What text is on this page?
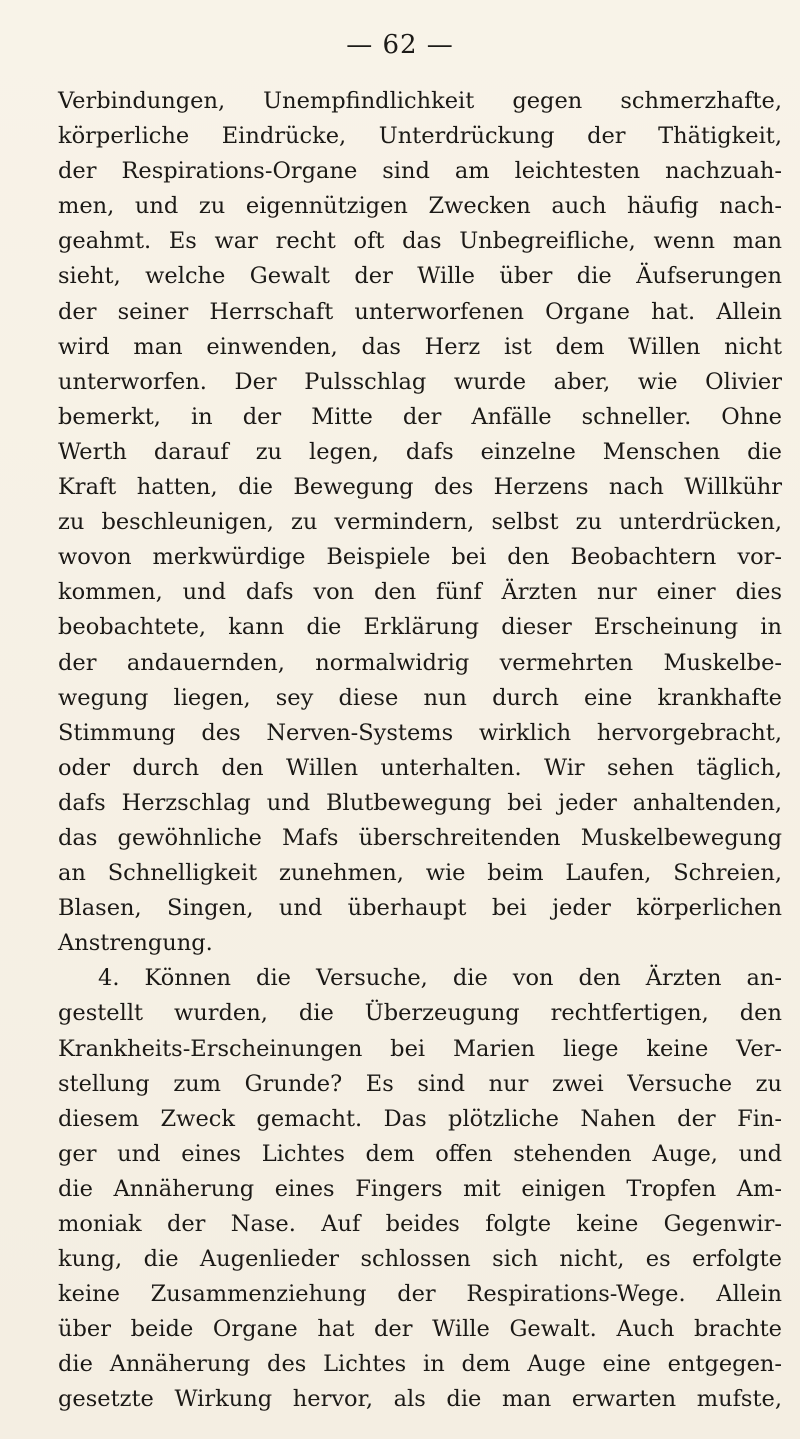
— 62 —
Verbindungen, Unempfindlichkeit gegen schmerzhafte,
körperliche Eindrücke, Unterdrückung der Thätigkeit,
der Respirations-Organe sind am leichtesten nachzuah-
men, und zu eigennützigen Zwecken auch häufig nach-
geahmt. Es war recht oft das Unbegreifliche, wenn man
sieht, welche Gewalt der Wille über die Äufserungen
der seiner Herrschaft unterworfenen Organe hat. Allein
wird man einwenden, das Herz ist dem Willen nicht
unterworfen. Der Pulsschlag wurde aber, wie Olivier
bemerkt, in der Mitte der Anfälle schneller. Ohne
Werth darauf zu legen, dafs einzelne Menschen die
Kraft hatten, die Bewegung des Herzens nach Willkühr
zu beschleunigen, zu vermindern, selbst zu unterdrücken,
wovon merkwürdige Beispiele bei den Beobachtern vor-
kommen, und dafs von den fünf Ärzten nur einer dies
beobachtete, kann die Erklärung dieser Erscheinung in
der andauernden, normalwidrig vermehrten Muskelbe-
wegung liegen, sey diese nun durch eine krankhafte
Stimmung des Nerven-Systems wirklich hervorgebracht,
oder durch den Willen unterhalten. Wir sehen täglich,
dafs Herzschlag und Blutbewegung bei jeder anhaltenden,
das gewöhnliche Mafs überschreitenden Muskelbewegung
an Schnelligkeit zunehmen, wie beim Laufen, Schreien,
Blasen, Singen, und überhaupt bei jeder körperlichen
Anstrengung.
4. Können die Versuche, die von den Ärzten an-
gestellt wurden, die Überzeugung rechtfertigen, den
Krankheits-Erscheinungen bei Marien liege keine Ver-
stellung zum Grunde? Es sind nur zwei Versuche zu
diesem Zweck gemacht. Das plötzliche Nahen der Fin-
ger und eines Lichtes dem offen stehenden Auge, und
die Annäherung eines Fingers mit einigen Tropfen Am-
moniak der Nase. Auf beides folgte keine Gegenwir-
kung, die Augenlieder schlossen sich nicht, es erfolgte
keine Zusammenziehung der Respirations-Wege. Allein
über beide Organe hat der Wille Gewalt. Auch brachte
die Annäherung des Lichtes in dem Auge eine entgegen-
gesetzte Wirkung hervor, als die man erwarten mufste,
